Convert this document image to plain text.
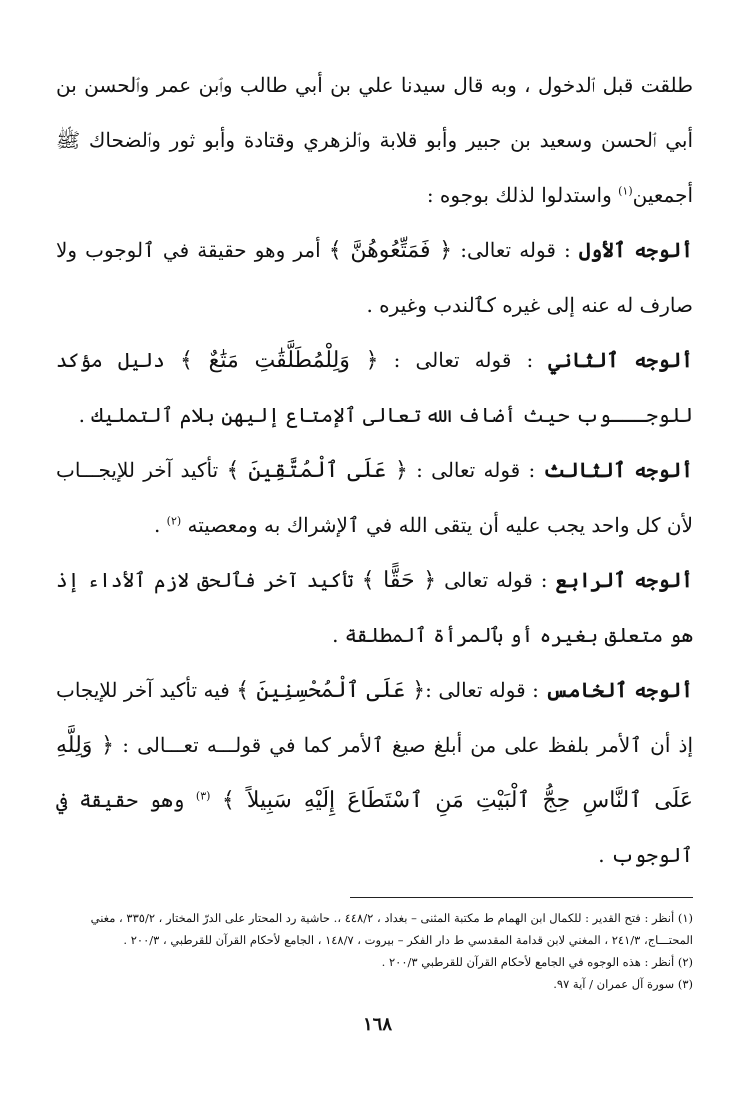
طلقت قبل ٱلدخول ، وبه قال سيدنا علي بن أبي طالب وٱبن عمر وٱلحسن بن أبي ٱلحسن وسعيد بن جبير وأبو قلابة وٱلزهري وقتادة وأبو ثور وٱلضحاك ﷺ أجمعين$^{(١)}$ واستدلوا لذلك بوجوه :

ألوجه ٱلأول : قوله تعالى: ﴿ فَمَتِّعُوهُنَّ ﴾ أمر وهو حقيقة في ٱلوجوب ولا صارف له عنه إلى غيره كٱلندب وغيره .

ألوجه ٱلثاني : قوله تعالى : ﴿ وَلِلْمُطَلَّقَٰتِ مَتَٰعٌ ﴾ دليل مؤكد للوجـــوب حيث أضاف الله تعالى ٱلإمتاع إليهن بلام ٱلتمليك .

ألوجه ٱلثالث : قوله تعالى : ﴿ عَلَى ٱلْمُتَّقِينَ ﴾ تأكيد آخر للإيجـــاب لأن كل واحد يجب عليه أن يتقى الله في ٱلإشراك به ومعصيته $^{(٢)}$ .

ألوجه ٱلرابع : قوله تعالى ﴿ حَقًّا ﴾ تأكيد آخر فٱلحق لازم ٱلأداء إذ هو متعلق بغيره أو بٱلمرأة ٱلمطلقة .

ألوجه ٱلخامس : قوله تعالى :﴿ عَلَى ٱلْمُحْسِنِينَ ﴾ فيه تأكيد آخر للإيجاب إذ أن ٱلأمر بلفظ على من أبلغ صيغ ٱلأمر كما في قولـــه تعـــالى : ﴿ وَلِلَّهِ عَلَى ٱلنَّاسِ حِجُّ ٱلْبَيْتِ مَنِ ٱسْتَطَاعَ إِلَيْهِ سَبِيلاً ﴾ $^{(٣)}$ وهو حقيقة في ٱلوجوب .

(١) أنظر : فتح القدير : للكمال ابن الهمام ط مكتبة المثنى – بغداد ، ٤٤٨/٢ ،. حاشية رد المحتار على الدرّ المختار ، ٣٣٥/٢ ، مغني المحتـــاج، ٢٤١/٣ ، المغني لابن قدامة المقدسي ط دار الفكر – بيروت ، ١٤٨/٧ ، الجامع لأحكام القرآن للقرطبي ، ٢٠٠/٣ .

(٢) أنظر : هذه الوجوه في الجامع لأحكام القرآن للقرطبي ٢٠٠/٣ .

(٣) سورة آل عمران / آية ٩٧.

١٦٨
